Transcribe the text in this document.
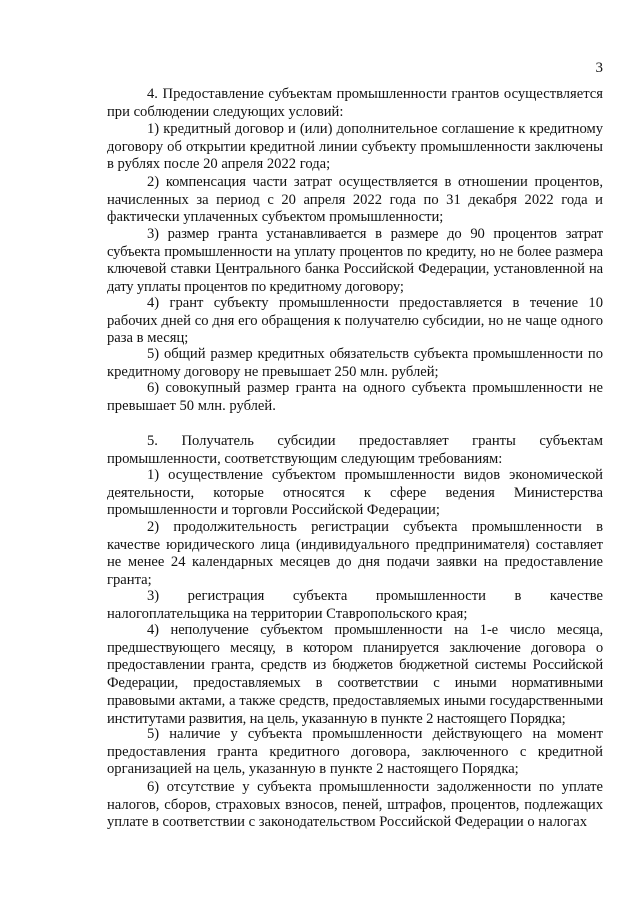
3

4. Предоставление субъектам промышленности грантов осуществляется при соблюдении следующих условий:

1) кредитный договор и (или) дополнительное соглашение к кредитному договору об открытии кредитной линии субъекту промышленности заключены в рублях после 20 апреля 2022 года;

2) компенсация части затрат осуществляется в отношении процентов, начисленных за период с 20 апреля 2022 года по 31 декабря 2022 года и фактически уплаченных субъектом промышленности;

3) размер гранта устанавливается в размере до 90 процентов затрат субъекта промышленности на уплату процентов по кредиту, но не более размера ключевой ставки Центрального банка Российской Федерации, установленной на дату уплаты процентов по кредитному договору;

4) грант субъекту промышленности предоставляется в течение 10 рабочих дней со дня его обращения к получателю субсидии, но не чаще одного раза в месяц;

5) общий размер кредитных обязательств субъекта промышленности по кредитному договору не превышает 250 млн. рублей;

6) совокупный размер гранта на одного субъекта промышленности не превышает 50 млн. рублей.

5. Получатель субсидии предоставляет гранты субъектам промышленности, соответствующим следующим требованиям:

1) осуществление субъектом промышленности видов экономической деятельности, которые относятся к сфере ведения Министерства промышленности и торговли Российской Федерации;

2) продолжительность регистрации субъекта промышленности в качестве юридического лица (индивидуального предпринимателя) составляет не менее 24 календарных месяцев до дня подачи заявки на предоставление гранта;

3) регистрация субъекта промышленности в качестве налогоплательщика на территории Ставропольского края;

4) неполучение субъектом промышленности на 1-е число месяца, предшествующего месяцу, в котором планируется заключение договора о предоставлении гранта, средств из бюджетов бюджетной системы Российской Федерации, предоставляемых в соответствии с иными нормативными правовыми актами, а также средств, предоставляемых иными государственными институтами развития, на цель, указанную в пункте 2 настоящего Порядка;

5) наличие у субъекта промышленности действующего на момент предоставления гранта кредитного договора, заключенного с кредитной организацией на цель, указанную в пункте 2 настоящего Порядка;

6) отсутствие у субъекта промышленности задолженности по уплате налогов, сборов, страховых взносов, пеней, штрафов, процентов, подлежащих уплате в соответствии с законодательством Российской Федерации о налогах
